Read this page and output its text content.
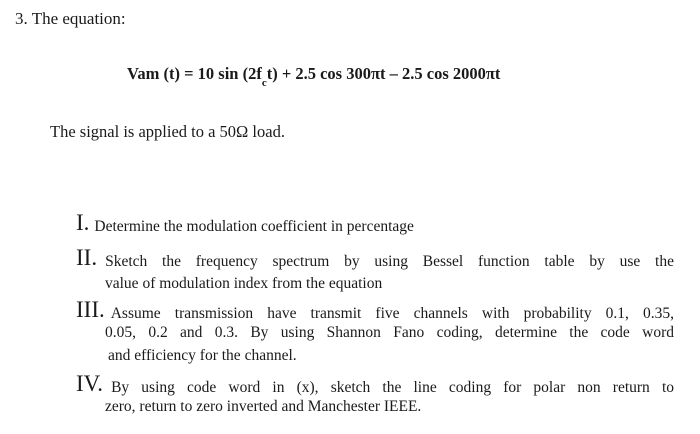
3. The equation:
Vam (t) = 10 $\sin (2f_ct) + 2.5$ cos 300πt – 2.5 cos 2000πt
The signal is applied to a 50Ω load.
I. Determine the modulation coefficient in percentage
II. Sketch the frequency spectrum by using Bessel function table by use the
value of modulation index from the equation
III. Assume transmission have transmit five channels with probability 0.1, 0.35,
0.05, 0.2 and 0.3. By using Shannon Fano coding, determine the code word
and efficiency for the channel.
IV. By using code word in (x), sketch the line coding for polar non return to
zero, return to zero inverted and Manchester IEEE.
